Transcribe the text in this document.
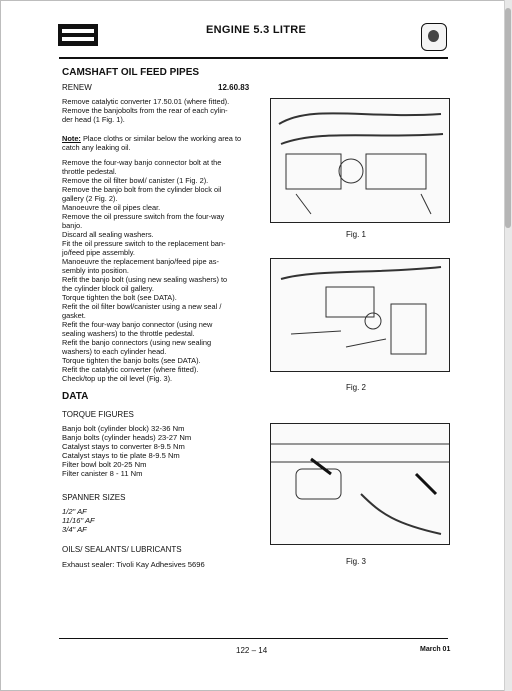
ENGINE 5.3 LITRE
CAMSHAFT OIL FEED PIPES
RENEW	12.60.83

Remove catalytic converter 17.50.01 (where fitted).

Remove the banjobolts from the rear of each cylin-

der head (1 Fig. 1).

Note: Place cloths or similar below the working area to catch any leaking oil.

Remove the four-way banjo connector bolt at the

throttle pedestal.

Remove the oil filter bowl/ canister (1 Fig. 2).

Remove the banjo bolt from the cylinder block oil

gallery (2 Fig. 2).

Manoeuvre the oil pipes clear.

Remove the oil pressure switch from the four-way

banjo.

Discard all sealing washers.

Fit the oil pressure switch to the replacement ban-

jo/feed pipe assembly.

Manoeuvre the replacement banjo/feed pipe as-

sembly into position.

Refit the banjo bolt (using new sealing washers) to

the cylinder block oil gallery.

Torque tighten the bolt (see DATA).

Refit the oil filter bowl/canister using a new seal /

gasket.

Refit the four-way banjo connector (using new

sealing washers) to the throttle pedestal.

Refit the banjo connectors (using new sealing

washers) to each cylinder head.

Torque tighten the banjo bolts (see DATA).

Refit the catalytic converter (where fitted).

Check/top up the oil level (Fig. 3).

DATA
TORQUE FIGURES

Banjo bolt (cylinder block) 32-36 Nm

Banjo bolts (cylinder heads) 23-27 Nm

Catalyst stays to converter 8-9.5 Nm

Catalyst stays to tie plate 8-9.5 Nm

Filter bowl bolt 20-25 Nm

Filter canister 8 - 11 Nm

SPANNER SIZES

1/2" AF

11/16" AF

3/4" AF

OILS/ SEALANTS/ LUBRICANTS
Exhaust sealer: Tivoli Kay Adhesives 5696
Fig. 1
Fig. 2
Fig. 3
122 – 14	March 01
